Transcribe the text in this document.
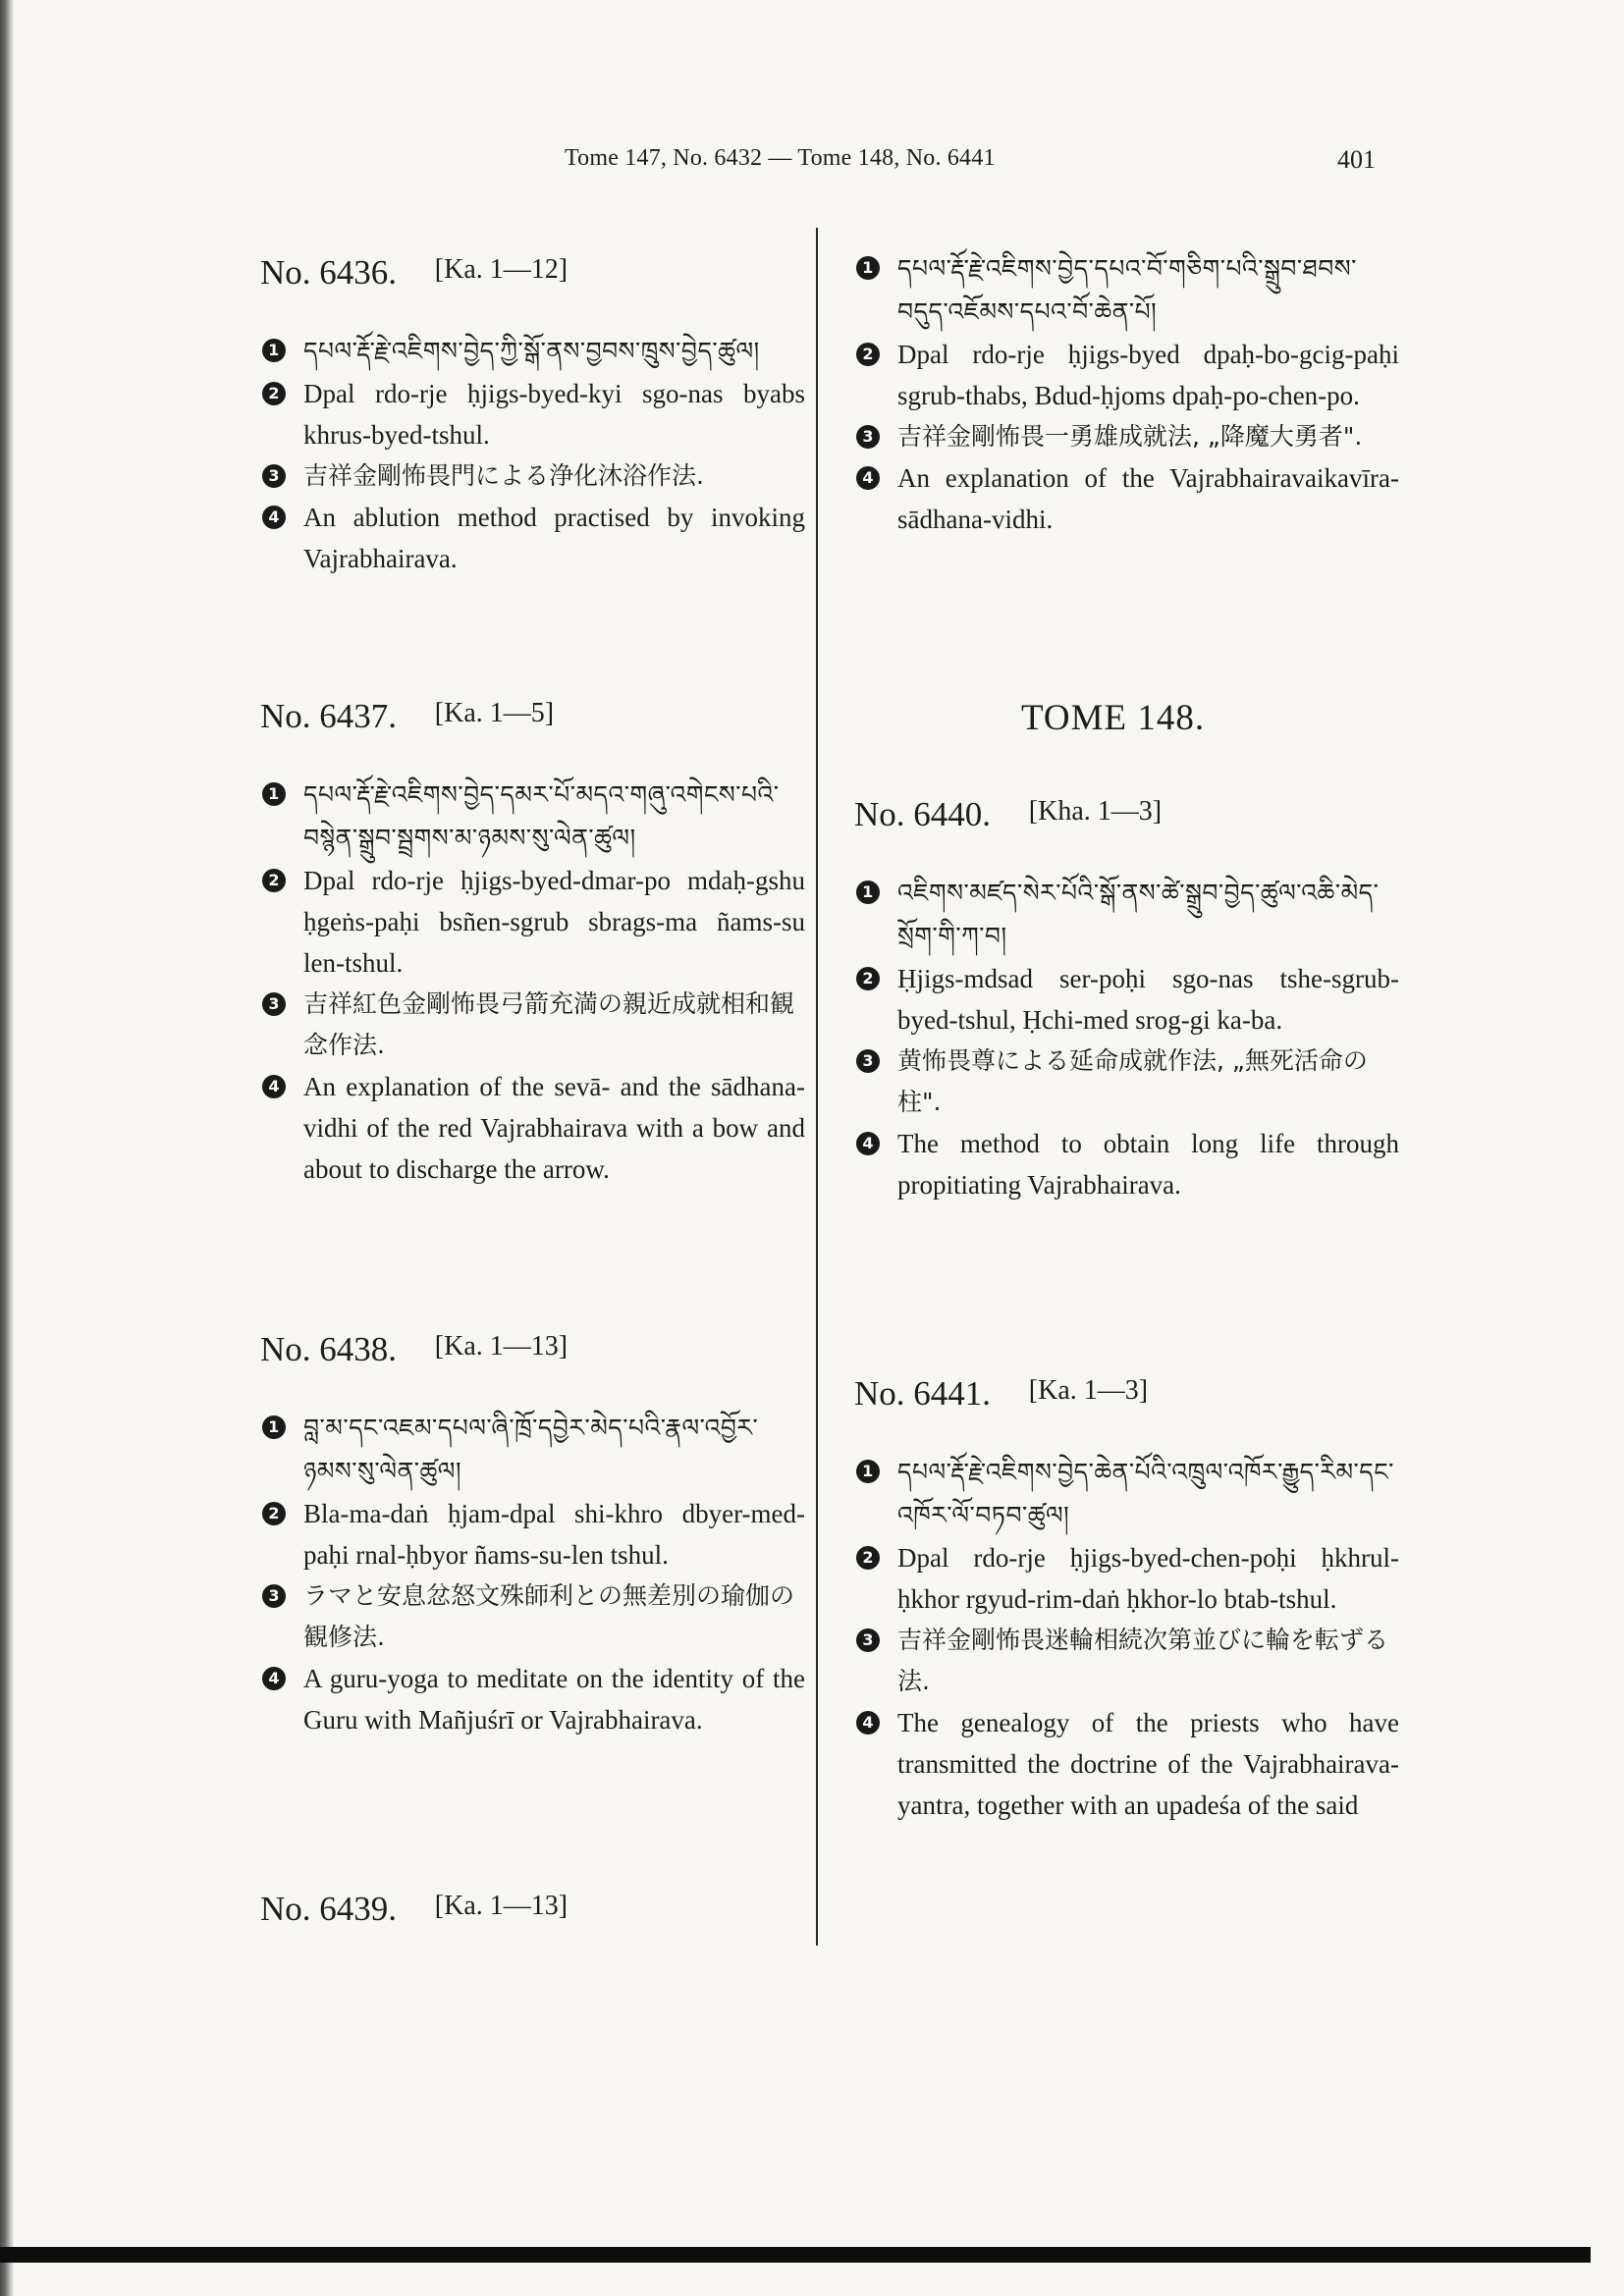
Tome 147, No. 6432 — Tome 148, No. 6441	401
No. 6436. [Ka. 1—12]
1 དཔལ་རྡོ་རྗེ་འཇིགས་བྱེད་ཀྱི་སྒོ་ནས་བྱབས་ཁྲུས་བྱེད་ཚུལ།
2 Dpal rdo-rje ḥjigs-byed-kyi sgo-nas byabs khrus-byed-tshul.
3 吉祥金剛怖畏門による浄化沐浴作法.
4 An ablution method practised by invoking Vajrabhairava.
No. 6437. [Ka. 1—5]
1 དཔལ་རྡོ་རྗེ་འཇིགས་བྱེད་དམར་པོ་མདའ་གཞུ་འགེངས་པའི་བསྙེན་སྒྲུབ་སྦྲགས་མ་ཉམས་སུ་ལེན་ཚུལ།
2 Dpal rdo-rje ḥjigs-byed-dmar-po mdaḥ-gshu ḥgeṅs-paḥi bsñen-sgrub sbrags-ma ñams-su len-tshul.
3 吉祥紅色金剛怖畏弓箭充満の親近成就相和観念作法.
4 An explanation of the sevā- and the sādhana-vidhi of the red Vajrabhairava with a bow and about to discharge the arrow.
No. 6438. [Ka. 1—13]
1 བླ་མ་དང་འཇམ་དཔལ་ཞི་ཁྲོ་དབྱེར་མེད་པའི་རྣལ་འབྱོར་ཉམས་སུ་ལེན་ཚུལ།
2 Bla-ma-daṅ ḥjam-dpal shi-khro dbyer-med-paḥi rnal-ḥbyor ñams-su-len tshul.
3 ラマと安息忿怒文殊師利との無差別の瑜伽の観修法.
4 A guru-yoga to meditate on the identity of the Guru with Mañjuśrī or Vajrabhairava.
No. 6439. [Ka. 1—13]
1 དཔལ་རྡོ་རྗེ་འཇིགས་བྱེད་དཔའ་བོ་གཅིག་པའི་སྒྲུབ་ཐབས་བདུད་འཇོམས་དཔའ་བོ་ཆེན་པོ།
2 Dpal rdo-rje ḥjigs-byed dpaḥ-bo-gcig-paḥi sgrub-thabs, Bdud-ḥjoms dpaḥ-po-chen-po.
3 吉祥金剛怖畏一勇雄成就法, „降魔大勇者".
4 An explanation of the Vajrabhairavaikavīra-sādhana-vidhi.
TOME 148.
No. 6440. [Kha. 1—3]
1 འཇིགས་མཛད་སེར་པོའི་སྒོ་ནས་ཚེ་སྒྲུབ་བྱེད་ཚུལ་འཆི་མེད་སྲོག་གི་ཀ་བ།
2 Ḥjigs-mdsad ser-poḥi sgo-nas tshe-sgrub-byed-tshul, Ḥchi-med srog-gi ka-ba.
3 黄怖畏尊による延命成就作法, „無死活命の柱".
4 The method to obtain long life through propitiating Vajrabhairava.
No. 6441. [Ka. 1—3]
1 དཔལ་རྡོ་རྗེ་འཇིགས་བྱེད་ཆེན་པོའི་འཁྲུལ་འཁོར་རྒྱུད་རིམ་དང་འཁོར་ལོ་བཏབ་ཚུལ།
2 Dpal rdo-rje ḥjigs-byed-chen-poḥi ḥkhrul-ḥkhor rgyud-rim-daṅ ḥkhor-lo btab-tshul.
3 吉祥金剛怖畏迷輪相続次第並びに輪を転ずる法.
4 The genealogy of the priests who have transmitted the doctrine of the Vajrabhairava-yantra, together with an upadeśa of the said
